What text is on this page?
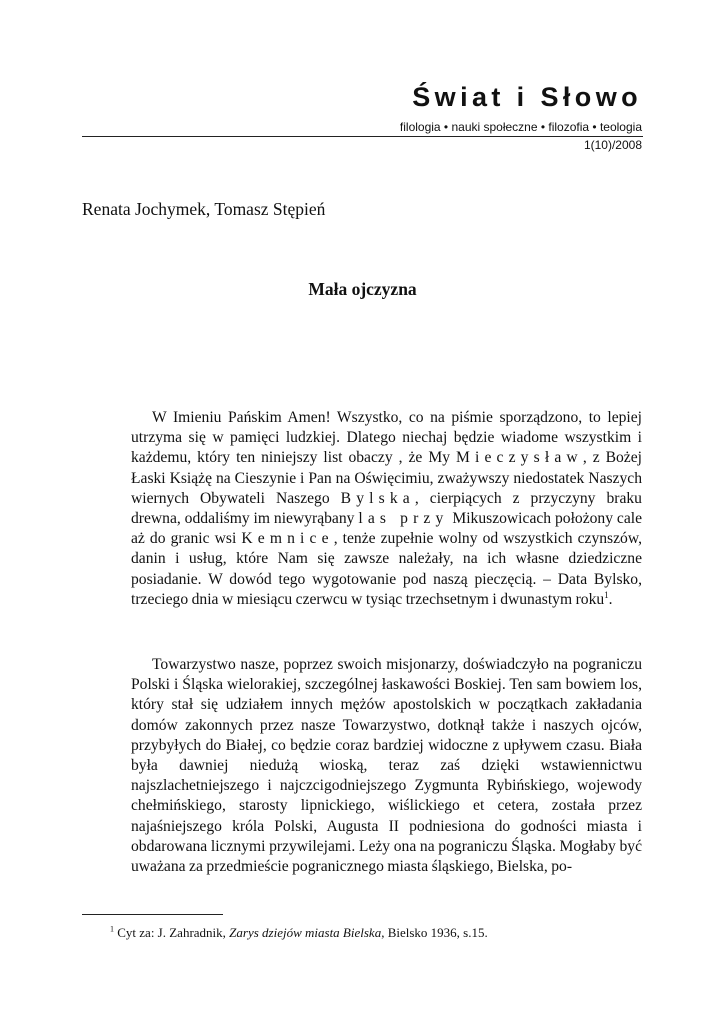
Świat i Słowo
filologia • nauki społeczne • filozofia • teologia
1(10)/2008
Renata Jochymek, Tomasz Stępień
Mała ojczyzna

W Imieniu Pańskim Amen! Wszystko, co na piśmie sporządzono, to lepiej utrzyma się w pamięci ludzkiej. Dlatego niechaj będzie wiadome wszystkim i każdemu, który ten niniejszy list obaczy , że My Mieczysław, z Bożej Łaski Książę na Cieszynie i Pan na Oświęcimiu, zważywszy niedostatek Naszych wiernych Obywateli Naszego Bylska, cierpiących z przyczyny braku drewna, oddaliśmy im niewyrąbany las przy Mikuszowicach położony cale aż do granic wsi Kemnice, tenże zupełnie wolny od wszystkich czynszów, danin i usług, które Nam się zawsze należały, na ich własne dziedziczne posiadanie. W dowód tego wygotowanie pod naszą pieczęcią. – Data Bylsko, trzeciego dnia w miesiącu czerwcu w tysiąc trzechsetnym i dwunastym roku$^1$.

Towarzystwo nasze, poprzez swoich misjonarzy, doświadczyło na pograniczu Polski i Śląska wielorakiej, szczególnej łaskawości Boskiej. Ten sam bowiem los, który stał się udziałem innych mężów apostolskich w początkach zakładania domów zakonnych przez nasze Towarzystwo, dotknął także i naszych ojców, przybyłych do Białej, co będzie coraz bardziej widoczne z upływem czasu. Biała była dawniej niedużą wioską, teraz zaś dzięki wstawiennictwu najszlachetniejszego i najczcigodniejszego Zygmunta Rybińskiego, wojewody chełmińskiego, starosty lipnickiego, wiślickiego et cetera, została przez najaśniejszego króla Polski, Augusta II podniesiona do godności miasta i obdarowana licznymi przywilejami. Leży ona na pograniczu Śląska. Mogłaby być uważana za przedmieście pogranicznego miasta śląskiego, Bielska, po-

$^1$ Cyt za: J. Zahradnik, Zarys dziejów miasta Bielska, Bielsko 1936, s.15.
